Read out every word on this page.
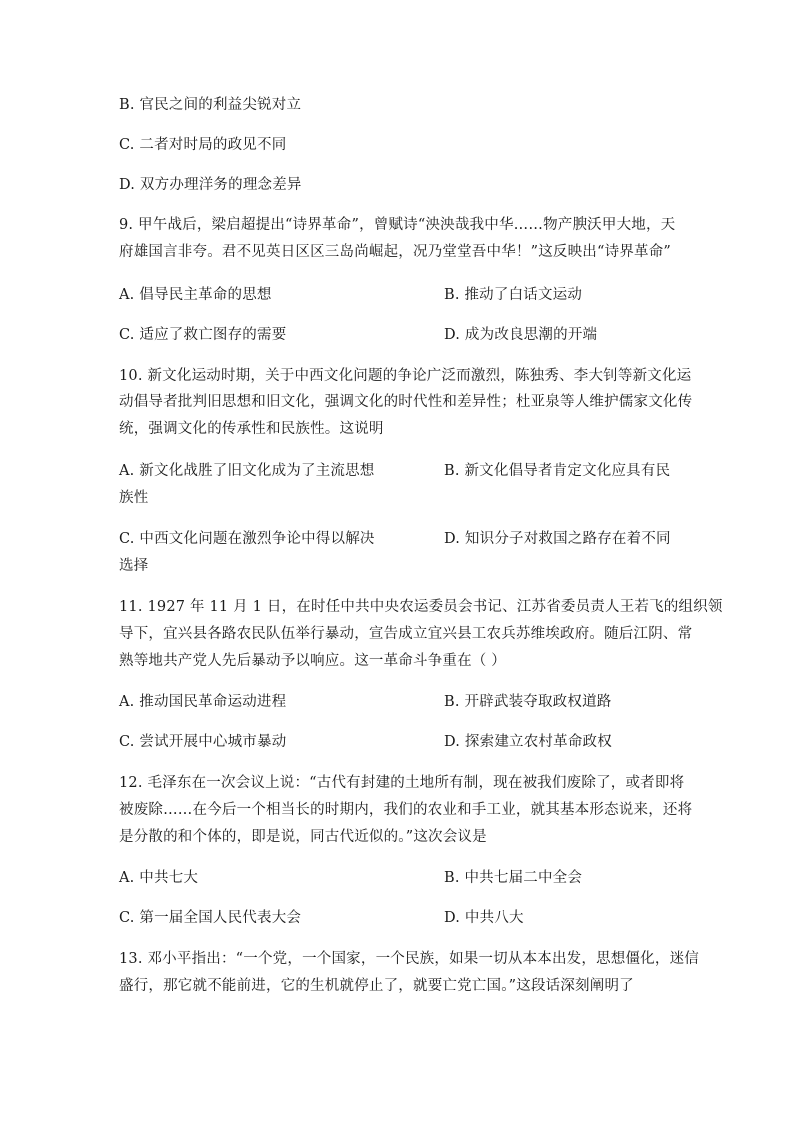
B. 官民之间的利益尖锐对立
C. 二者对时局的政见不同
D. 双方办理洋务的理念差异
9. 甲午战后，梁启超提出“诗界革命”，曾赋诗“泱泱哉我中华……物产腴沃甲大地，天
府雄国言非夸。君不见英日区区三岛尚崛起，况乃堂堂吾中华！”这反映出“诗界革命”
A. 倡导民主革命的思想	B. 推动了白话文运动
C. 适应了救亡图存的需要	D. 成为改良思潮的开端
10. 新文化运动时期，关于中西文化问题的争论广泛而激烈，陈独秀、李大钊等新文化运
动倡导者批判旧思想和旧文化，强调文化的时代性和差异性；杜亚泉等人维护儒家文化传
统，强调文化的传承性和民族性。这说明
A. 新文化战胜了旧文化成为了主流思想	B. 新文化倡导者肯定文化应具有民
族性
C. 中西文化问题在激烈争论中得以解决	D. 知识分子对救国之路存在着不同
选择
11. 1927 年 11 月 1 日，在时任中共中央农运委员会书记、江苏省委员责人王若飞的组织领
导下，宜兴县各路农民队伍举行暴动，宣告成立宜兴县工农兵苏维埃政府。随后江阴、常
熟等地共产党人先后暴动予以响应。这一革命斗争重在（ ）
A. 推动国民革命运动进程	B. 开辟武装夺取政权道路
C. 尝试开展中心城市暴动	D. 探索建立农村革命政权
12. 毛泽东在一次会议上说：“古代有封建的土地所有制，现在被我们废除了，或者即将
被废除……在今后一个相当长的时期内，我们的农业和手工业，就其基本形态说来，还将
是分散的和个体的，即是说，同古代近似的。”这次会议是
A. 中共七大	B. 中共七届二中全会
C. 第一届全国人民代表大会	D. 中共八大
13. 邓小平指出：“一个党，一个国家，一个民族，如果一切从本本出发，思想僵化，迷信
盛行，那它就不能前进，它的生机就停止了，就要亡党亡国。”这段话深刻阐明了
